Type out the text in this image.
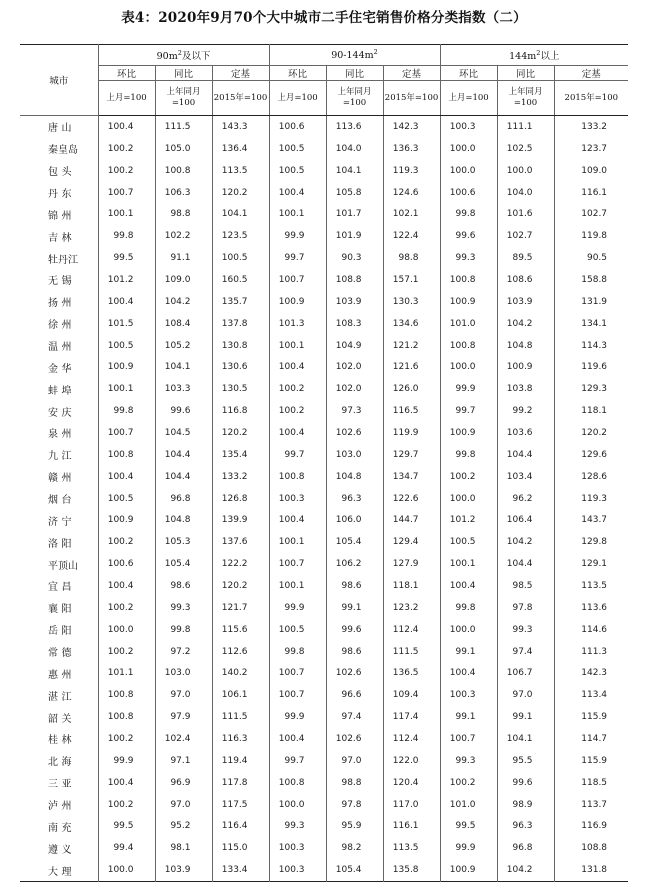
表4：2020年9月70个大中城市二手住宅销售价格分类指数（二）
城市	$90m^2$及以下			$90-144m^2$			$144m^2$以上		
	环比	同比	定基	环比	同比	定基	环比	同比	定基
	上月=100	上年同月=100	2015年=100	上月=100	上年同月=100	2015年=100	上月=100	上年同月=100	2015年=100
唐山	100.4	111.5	143.3	100.6	113.6	142.3	100.3	111.1	133.2
秦皇岛	100.2	105.0	136.4	100.5	104.0	136.3	100.0	102.5	123.7
包头	100.2	100.8	113.5	100.5	104.1	119.3	100.0	100.0	109.0
丹东	100.7	106.3	120.2	100.4	105.8	124.6	100.6	104.0	116.1
锦州	100.1	98.8	104.1	100.1	101.7	102.1	99.8	101.6	102.7
吉林	99.8	102.2	123.5	99.9	101.9	122.4	99.6	102.7	119.8
牡丹江	99.5	91.1	100.5	99.7	90.3	98.8	99.3	89.5	90.5
无锡	101.2	109.0	160.5	100.7	108.8	157.1	100.8	108.6	158.8
扬州	100.4	104.2	135.7	100.9	103.9	130.3	100.9	103.9	131.9
徐州	101.5	108.4	137.8	101.3	108.3	134.6	101.0	104.2	134.1
温州	100.5	105.2	130.8	100.1	104.9	121.2	100.8	104.8	114.3
金华	100.9	104.1	130.6	100.4	102.0	121.6	100.0	100.9	119.6
蚌埠	100.1	103.3	130.5	100.2	102.0	126.0	99.9	103.8	129.3
安庆	99.8	99.6	116.8	100.2	97.3	116.5	99.7	99.2	118.1
泉州	100.7	104.5	120.2	100.4	102.6	119.9	100.9	103.6	120.2
九江	100.8	104.4	135.4	99.7	103.0	129.7	99.8	104.4	129.6
赣州	100.4	104.4	133.2	100.8	104.8	134.7	100.2	103.4	128.6
烟台	100.5	96.8	126.8	100.3	96.3	122.6	100.0	96.2	119.3
济宁	100.9	104.8	139.9	100.4	106.0	144.7	101.2	106.4	143.7
洛阳	100.2	105.3	137.6	100.1	105.4	129.4	100.5	104.2	129.8
平顶山	100.6	105.4	122.2	100.7	106.2	127.9	100.1	104.4	129.1
宜昌	100.4	98.6	120.2	100.1	98.6	118.1	100.4	98.5	113.5
襄阳	100.2	99.3	121.7	99.9	99.1	123.2	99.8	97.8	113.6
岳阳	100.0	99.8	115.6	100.5	99.6	112.4	100.0	99.3	114.6
常德	100.2	97.2	112.6	99.8	98.6	111.5	99.1	97.4	111.3
惠州	101.1	103.0	140.2	100.7	102.6	136.5	100.4	106.7	142.3
湛江	100.8	97.0	106.1	100.7	96.6	109.4	100.3	97.0	113.4
韶关	100.8	97.9	111.5	99.9	97.4	117.4	99.1	99.1	115.9
桂林	100.2	102.4	116.3	100.4	102.6	112.4	100.7	104.1	114.7
北海	99.9	97.1	119.4	99.7	97.0	122.0	99.3	95.5	115.9
三亚	100.4	96.9	117.8	100.8	98.8	120.4	100.2	99.6	118.5
泸州	100.2	97.0	117.5	100.0	97.8	117.0	101.0	98.9	113.7
南充	99.5	95.2	116.4	99.3	95.9	116.1	99.5	96.3	116.9
遵义	99.4	98.1	115.0	100.3	98.2	113.5	99.9	96.8	108.8
大理	100.0	103.9	133.4	100.3	105.4	135.8	100.9	104.2	131.8
